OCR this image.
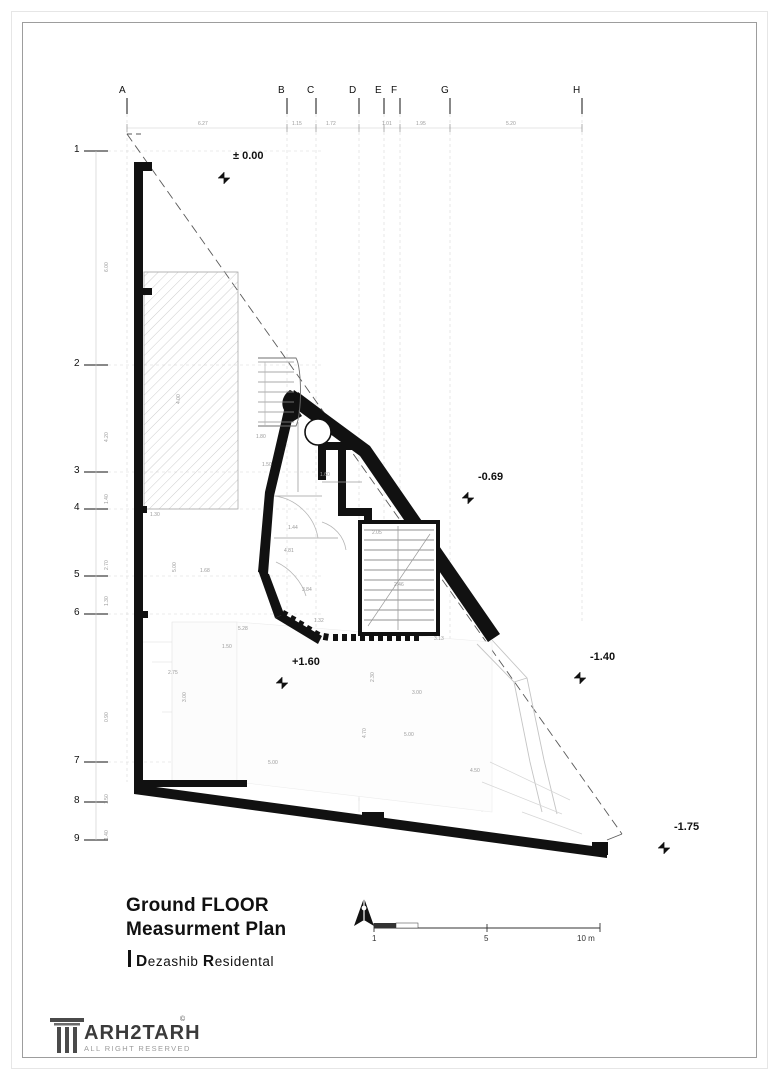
A	B C	D E F	G	H
1
2
3
4
5
6
7
8
9
6.27	1.15	1.72	1.01	1.95	5.20
6.00
4.20
1.40
2.70
1.30
0.90
1.50
1.40
1.80
1.50
4.00
1.60
1.44
1.68
4.81
2.05
3.84
1.32
5.00
5.28
2.75
3.00
5.00
4.70
5.00
3.00
2.30
3.13
4.50
2.46
1.30
1.50
± 0.00
-0.69
-1.40
+1.60
-1.75
Ground FLOOR
Measurment Plan
Dezashib Residental
1	5	10 m
ARH2TARH
ALL RIGHT RESERVED
©
